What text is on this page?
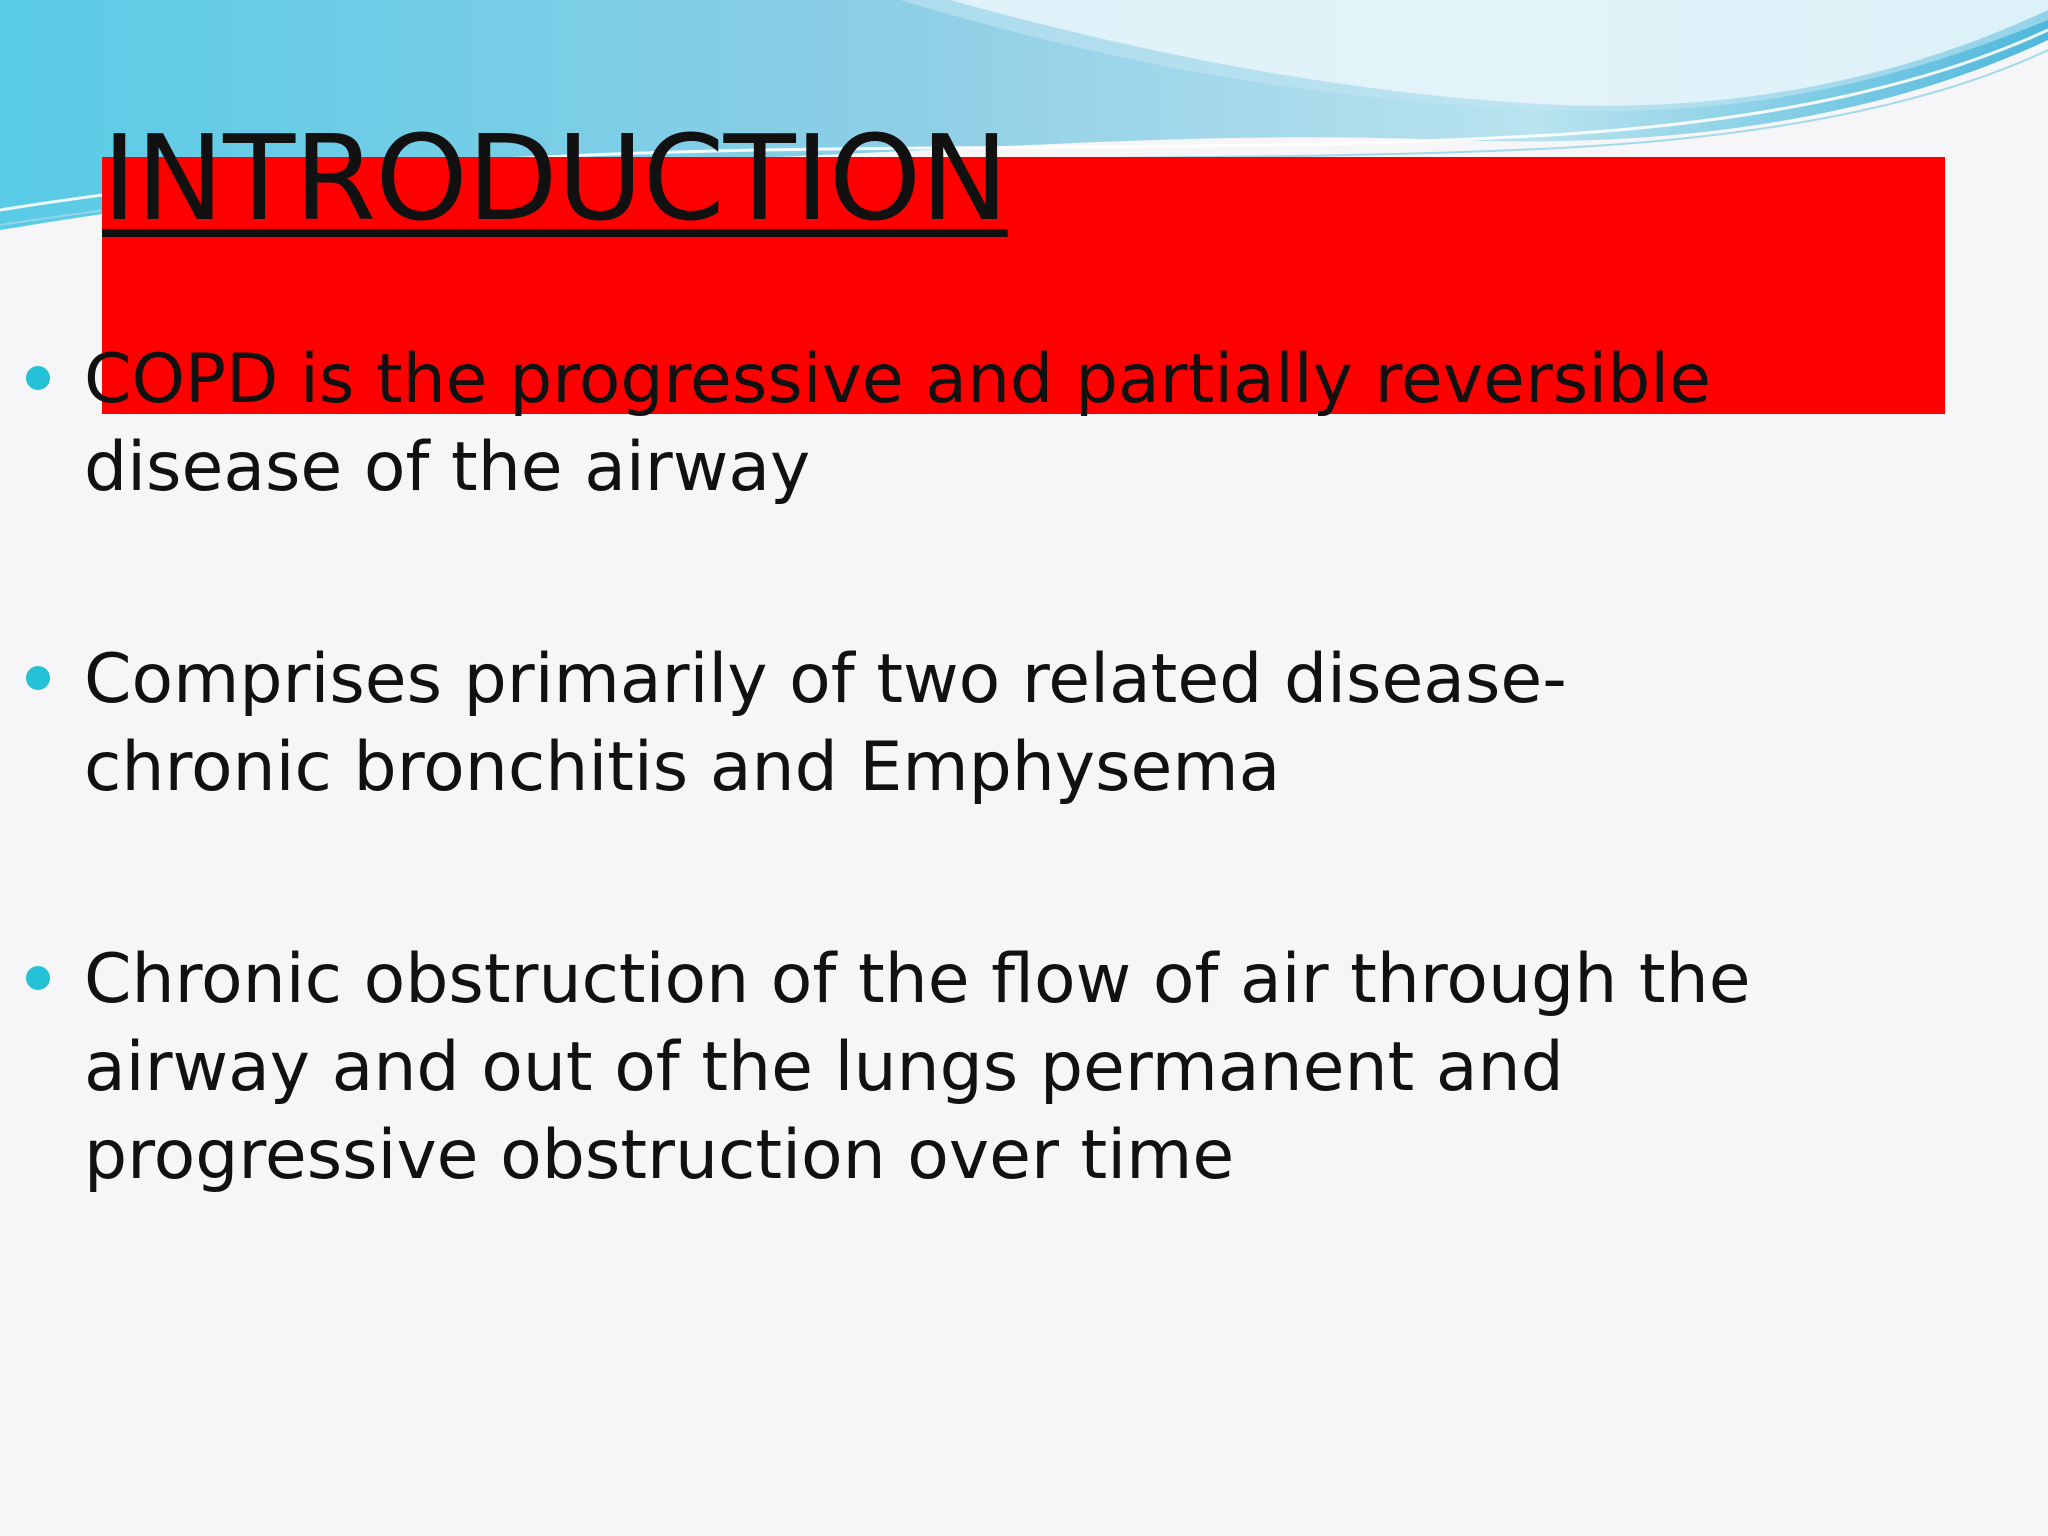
INTRODUCTION
COPD is the progressive and partially reversible disease of the airway
Comprises primarily of two related disease- chronic bronchitis and Emphysema
Chronic obstruction of the flow of air through the airway and out of the lungs permanent and progressive obstruction over time
